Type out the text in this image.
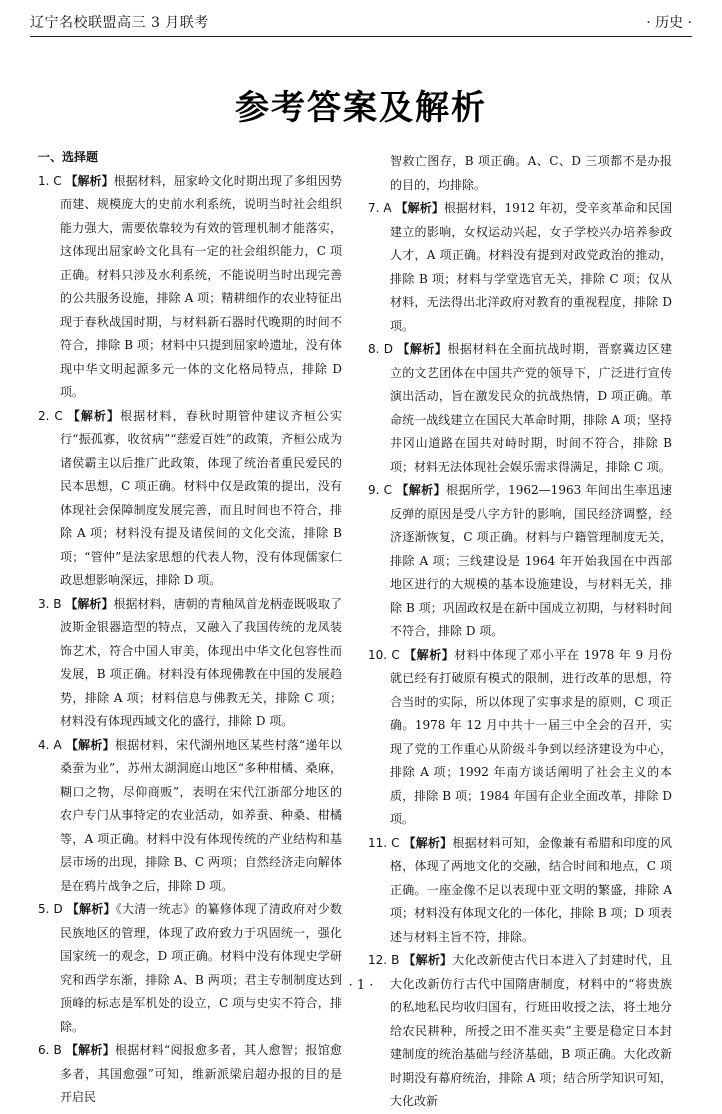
辽宁名校联盟高三 3 月联考	· 历史 ·
参考答案及解析

一、选择题

1. C 【解析】根据材料，屈家岭文化时期出现了多组因势而建、规模庞大的史前水利系统，说明当时社会组织能力强大，需要依靠较为有效的管理机制才能落实，这体现出屈家岭文化具有一定的社会组织能力，C 项正确。材料只涉及水利系统，不能说明当时出现完善的公共服务设施，排除 A 项；精耕细作的农业特征出现于春秋战国时期，与材料新石器时代晚期的时间不符合，排除 B 项；材料中只提到屈家岭遗址，没有体现中华文明起源多元一体的文化格局特点，排除 D 项。

2. C 【解析】根据材料，春秋时期管仲建议齐桓公实行“振孤寡，收贫病”“慈爱百姓”的政策，齐桓公成为诸侯霸主以后推广此政策，体现了统治者重民爱民的民本思想，C 项正确。材料中仅是政策的提出，没有体现社会保障制度发展完善，而且时间也不符合，排除 A 项；材料没有提及诸侯间的文化交流，排除 B 项；“管仲”是法家思想的代表人物，没有体现儒家仁政思想影响深远，排除 D 项。

3. B 【解析】根据材料，唐朝的青釉凤首龙柄壶既吸取了波斯金银器造型的特点，又融入了我国传统的龙凤装饰艺术，符合中国人审美，体现出中华文化包容性而发展，B 项正确。材料没有体现佛教在中国的发展趋势，排除 A 项；材料信息与佛教无关，排除 C 项；材料没有体现西域文化的盛行，排除 D 项。

4. A 【解析】根据材料，宋代湖州地区某些村落“递年以桑蚕为业”，苏州太湖洞庭山地区“多种柑橘、桑麻，糊口之物，尽仰商贩”，表明在宋代江浙部分地区的农户专门从事特定的农业活动，如养蚕、种桑、柑橘等，A 项正确。材料中没有体现传统的产业结构和基层市场的出现，排除 B、C 两项；自然经济走向解体是在鸦片战争之后，排除 D 项。

5. D 【解析】《大清一统志》的纂修体现了清政府对少数民族地区的管理，体现了政府致力于巩固统一，强化国家统一的观念，D 项正确。材料中没有体现史学研究和西学东渐，排除 A、B 两项；君主专制制度达到顶峰的标志是军机处的设立，C 项与史实不符合，排除。

6. B 【解析】根据材料“阅报愈多者，其人愈智；报馆愈多者，其国愈强”可知，维新派梁启超办报的目的是开启民

智救亡图存，B 项正确。A、C、D 三项都不是办报的目的，均排除。

7. A 【解析】根据材料，1912 年初，受辛亥革命和民国建立的影响，女权运动兴起，女子学校兴办培养参政人才，A 项正确。材料没有提到对政党政治的推动，排除 B 项；材料与学堂选官无关，排除 C 项；仅从材料，无法得出北洋政府对教育的重视程度，排除 D 项。

8. D 【解析】根据材料在全面抗战时期，晋察冀边区建立的文艺团体在中国共产党的领导下，广泛进行宣传演出活动，旨在激发民众的抗战热情，D 项正确。革命统一战线建立在国民大革命时期，排除 A 项；坚持井冈山道路在国共对峙时期，时间不符合，排除 B 项；材料无法体现社会娱乐需求得满足，排除 C 项。

9. C 【解析】根据所学，1962—1963 年间出生率迅速反弹的原因是受八字方针的影响，国民经济调整，经济逐渐恢复，C 项正确。材料与户籍管理制度无关，排除 A 项；三线建设是 1964 年开始我国在中西部地区进行的大规模的基本设施建设，与材料无关，排除 B 项；巩固政权是在新中国成立初期，与材料时间不符合，排除 D 项。

10. C 【解析】材料中体现了邓小平在 1978 年 9 月份就已经有打破原有模式的限制，进行改革的思想，符合当时的实际，所以体现了实事求是的原则，C 项正确。1978 年 12 月中共十一届三中全会的召开，实现了党的工作重心从阶级斗争到以经济建设为中心，排除 A 项；1992 年南方谈话阐明了社会主义的本质，排除 B 项；1984 年国有企业全面改革，排除 D 项。

11. C 【解析】根据材料可知，金像兼有希腊和印度的风格，体现了两地文化的交融，结合时间和地点，C 项正确。一座金像不足以表现中亚文明的繁盛，排除 A 项；材料没有体现文化的一体化，排除 B 项；D 项表述与材料主旨不符，排除。

12. B 【解析】大化改新使古代日本进入了封建时代，且大化改新仿行古代中国隋唐制度，材料中的“将贵族的私地私民均收归国有，行班田收授之法，将土地分给农民耕种，所授之田不准买卖”主要是稳定日本封建制度的统治基础与经济基础，B 项正确。大化改新时期没有幕府统治，排除 A 项；结合所学知识可知，大化改新

· 1 ·
